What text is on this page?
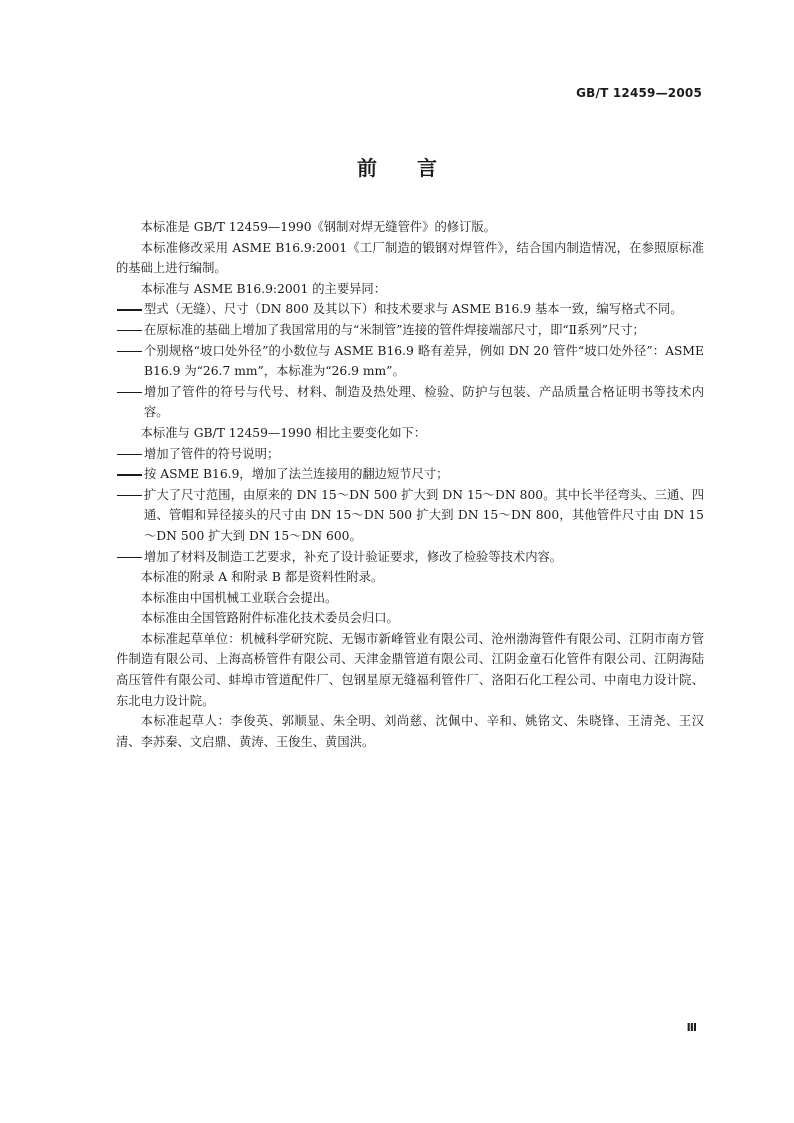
GB/T 12459—2005
前言

本标准是 GB/T 12459—1990《钢制对焊无缝管件》的修订版。

本标准修改采用 ASME B16.9:2001《工厂制造的锻钢对焊管件》，结合国内制造情况，在参照原标准的基础上进行编制。

本标准与 ASME B16.9:2001 的主要异同：

型式（无缝）、尺寸（DN 800 及其以下）和技术要求与 ASME B16.9 基本一致，编写格式不同。
在原标准的基础上增加了我国常用的与“米制管”连接的管件焊接端部尺寸，即“Ⅱ系列”尺寸；
个别规格“坡口处外径”的小数位与 ASME B16.9 略有差异，例如 DN 20 管件“坡口处外径”：ASME B16.9 为“26.7 mm”，本标准为“26.9 mm”。
增加了管件的符号与代号、材料、制造及热处理、检验、防护与包装、产品质量合格证明书等技术内容。

本标准与 GB/T 12459—1990 相比主要变化如下：

增加了管件的符号说明；
按 ASME B16.9，增加了法兰连接用的翻边短节尺寸；
扩大了尺寸范围，由原来的 DN 15～DN 500 扩大到 DN 15～DN 800。其中长半径弯头、三通、四通、管帽和异径接头的尺寸由 DN 15～DN 500 扩大到 DN 15～DN 800，其他管件尺寸由 DN 15～DN 500 扩大到 DN 15～DN 600。
增加了材料及制造工艺要求，补充了设计验证要求，修改了检验等技术内容。

本标准的附录 A 和附录 B 都是资料性附录。

本标准由中国机械工业联合会提出。

本标准由全国管路附件标准化技术委员会归口。

本标准起草单位：机械科学研究院、无锡市新峰管业有限公司、沧州渤海管件有限公司、江阴市南方管件制造有限公司、上海高桥管件有限公司、天津金鼎管道有限公司、江阴金童石化管件有限公司、江阴海陆高压管件有限公司、蚌埠市管道配件厂、包钢星原无缝福利管件厂、洛阳石化工程公司、中南电力设计院、东北电力设计院。

本标准起草人：李俊英、郭顺显、朱全明、刘尚慈、沈佩中、辛和、姚铭文、朱晓锋、王清尧、王汉清、李苏秦、文启鼎、黄涛、王俊生、黄国洪。

Ⅲ
